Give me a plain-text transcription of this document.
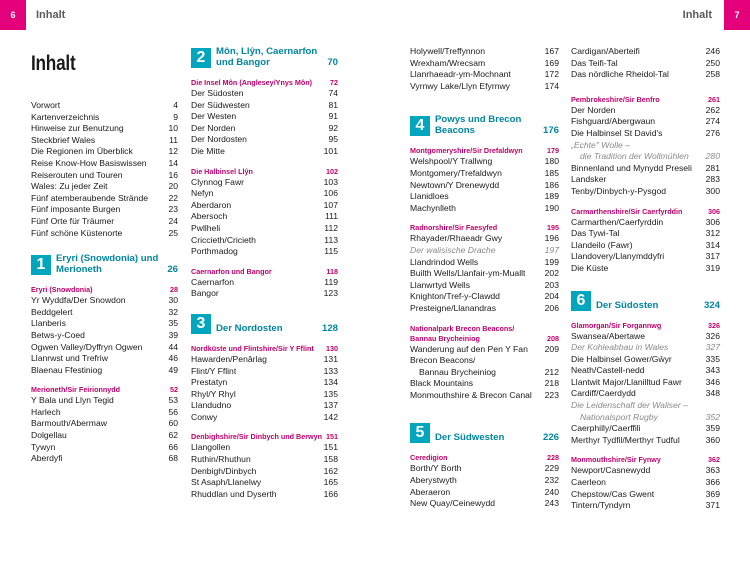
6	Inhalt	Inhalt	7
Inhalt
Vorwort	4
Kartenverzeichnis	9
Hinweise zur Benutzung	10
Steckbrief Wales	11
Die Regionen im Überblick	12
Reise Know-How Basiswissen	14
Reiserouten und Touren	16
Wales: Zu jeder Zeit	20
Fünf atemberaubende Strände	22
Fünf imposante Burgen	23
Fünf Orte für Träumer	24
Fünf schöne Küstenorte	25
1	Eryri (Snowdonia) und Merioneth	26
Eryri (Snowdonia)	28
Yr Wyddfa/Der Snowdon	30
Beddgelert	32
Llanberis	35
Betws-y-Coed	39
Ogwen Valley/Dyffryn Ogwen	44
Llanrwst und Trefriw	46
Blaenau Ffestiniog	49
Merioneth/Sir Feirionnydd	52
Y Bala und Llyn Tegid	53
Harlech	56
Barmouth/Abermaw	60
Dolgellau	62
Tywyn	66
Aberdyfi	68
2	Môn, Llŷn, Caernarfon und Bangor	70
Die Insel Môn (Anglesey/Ynys Môn)	72
Der Südosten	74
Der Südwesten	81
Der Westen	91
Der Norden	92
Der Nordosten	95
Die Mitte	101
Die Halbinsel Llŷn	102
Clynnog Fawr	103
Nefyn	106
Aberdaron	107
Abersoch	111
Pwllheli	112
Criccieth/Cricieth	113
Porthmadog	115
Caernarfon und Bangor	118
Caernarfon	119
Bangor	123
3	Der Nordosten	128
Nordküste und Flintshire/Sir Y Fflint	130
Hawarden/Penârlag	131
Flint/Y Fflint	133
Prestatyn	134
Rhyl/Y Rhyl	135
Llandudno	137
Conwy	142
Denbighshire/Sir Dinbych und Berwyn 151
Llangollen	151
Ruthin/Rhuthun	158
Denbigh/Dinbych	162
St Asaph/Llanelwy	165
Rhuddlan und Dyserth	166
Holywell/Treffynnon	167
Wrexham/Wrecsam	169
Llanrhaeadr-ym-Mochnant	172
Vyrnwy Lake/Llyn Efyrnwy	174
4	Powys und Brecon Beacons	176
Montgomeryshire/Sir Drefaldwyn	179
Welshpool/Y Trallwng	180
Montgomery/Trefaldwyn	185
Newtown/Y Drenewydd	186
Llanidloes	189
Machynlleth	190
Radnorshire/Sir Faesyfed	195
Rhayader/Rhaeadr Gwy	196
Der walisische Drache	197
Llandrindod Wells	199
Builth Wells/Llanfair-ym-Muallt	202
Llanwrtyd Wells	203
Knighton/Tref-y-Clawdd	204
Presteigne/Llanandras	206
Nationalpark Brecon Beacons/
Bannau Brycheiniog	208
Wanderung auf den Pen Y Fan	209
Brecon Beacons/
Bannau Brycheiniog	212
Black Mountains	218
Monmouthshire & Brecon Canal	223
5	Der Südwesten	226
Ceredigion	228
Borth/Y Borth	229
Aberystwyth	232
Aberaeron	240
New Quay/Ceinewydd	243
Cardigan/Aberteifi	246
Das Teifi-Tal	250
Das nördliche Rheidol-Tal	258
Pembrokeshire/Sir Benfro	261
Der Norden	262
Fishguard/Abergwaun	274
Die Halbinsel St David's	276
„Echte" Wolle –
die Tradition der Wollmühlen	280
Binnenland und Mynydd Preseli	281
Landsker	283
Tenby/Dinbych-y-Pysgod	300
Carmarthenshire/Sir Caerfyrddin	306
Carmarthen/Caerfyrddin	306
Das Tywi-Tal	312
Llandeilo (Fawr)	314
Llandovery/Llanymddyfri	317
Die Küste	319
6	Der Südosten	324
Glamorgan/Sir Forgannwg	326
Swansea/Abertawe	326
Der Kohleabbau in Wales	327
Die Halbinsel Gower/Gŵyr	335
Neath/Castell-nedd	343
Llantwit Major/Llanilltud Fawr	346
Cardiff/Caerdydd	348
Die Leidenschaft der Waliser –
Nationalsport Rugby	352
Caerphilly/Caerffili	359
Merthyr Tydfil/Merthyr Tudful	360
Monmouthshire/Sir Fynwy	362
Newport/Casnewydd	363
Caerleon	366
Chepstow/Cas Gwent	369
Tintern/Tyndyrn	371
